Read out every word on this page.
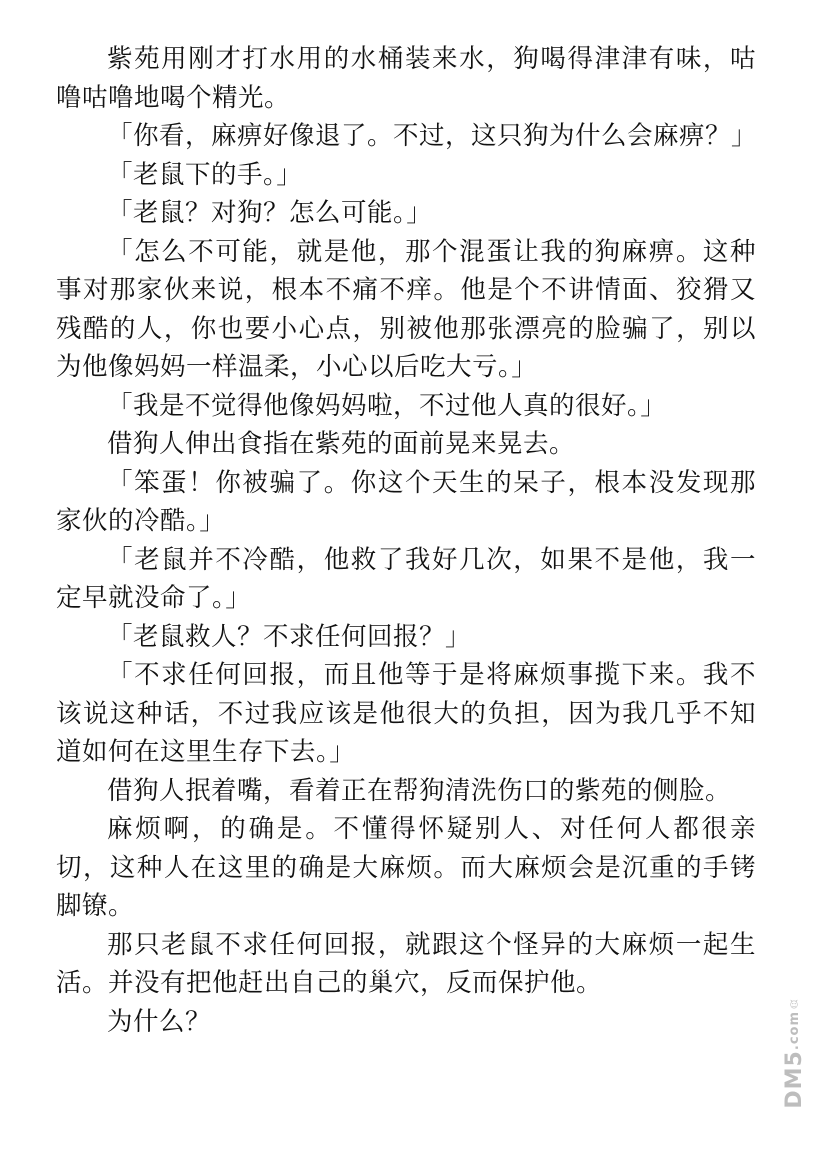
紫苑用刚才打水用的水桶装来水，狗喝得津津有味，咕噜咕噜地喝个精光。

「你看，麻痹好像退了。不过，这只狗为什么会麻痹？」

「老鼠下的手。」

「老鼠？对狗？怎么可能。」

「怎么不可能，就是他，那个混蛋让我的狗麻痹。这种事对那家伙来说，根本不痛不痒。他是个不讲情面、狡猾又残酷的人，你也要小心点，别被他那张漂亮的脸骗了，别以为他像妈妈一样温柔，小心以后吃大亏。」

「我是不觉得他像妈妈啦，不过他人真的很好。」

借狗人伸出食指在紫苑的面前晃来晃去。

「笨蛋！你被骗了。你这个天生的呆子，根本没发现那家伙的冷酷。」

「老鼠并不冷酷，他救了我好几次，如果不是他，我一定早就没命了。」

「老鼠救人？不求任何回报？」

「不求任何回报，而且他等于是将麻烦事揽下来。我不该说这种话，不过我应该是他很大的负担，因为我几乎不知道如何在这里生存下去。」

借狗人抿着嘴，看着正在帮狗清洗伤口的紫苑的侧脸。

麻烦啊，的确是。不懂得怀疑别人、对任何人都很亲切，这种人在这里的确是大麻烦。而大麻烦会是沉重的手铐脚镣。

那只老鼠不求任何回报，就跟这个怪异的大麻烦一起生活。并没有把他赶出自己的巢穴，反而保护他。

为什么？

DM5.com
